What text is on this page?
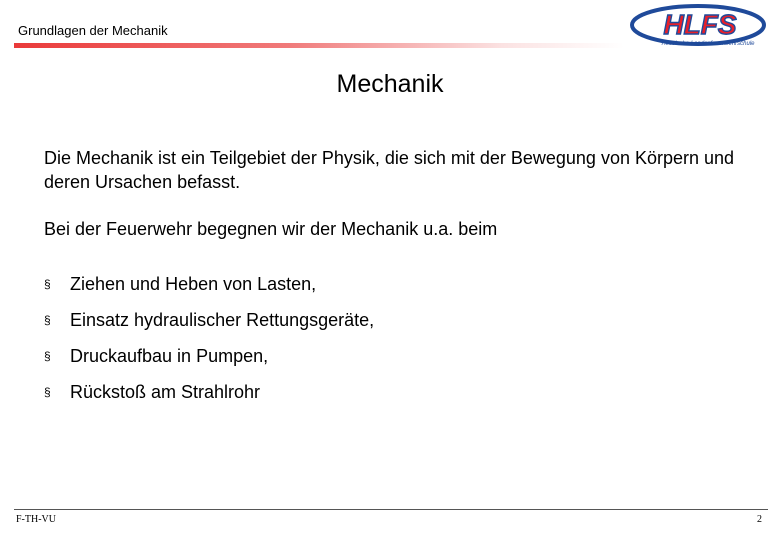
Grundlagen der Mechanik	HLFS
Hessische Landesfeuerwehrschule
Mechanik
Die Mechanik ist ein Teilgebiet der Physik, die sich mit der Bewegung von Körpern und deren Ursachen befasst.
Bei der Feuerwehr begegnen wir der Mechanik u.a. beim
§	Ziehen und Heben von Lasten,
§	Einsatz hydraulischer Rettungsgeräte,
§	Druckaufbau in Pumpen,
§	Rückstoß am Strahlrohr
F-TH-VU	2
